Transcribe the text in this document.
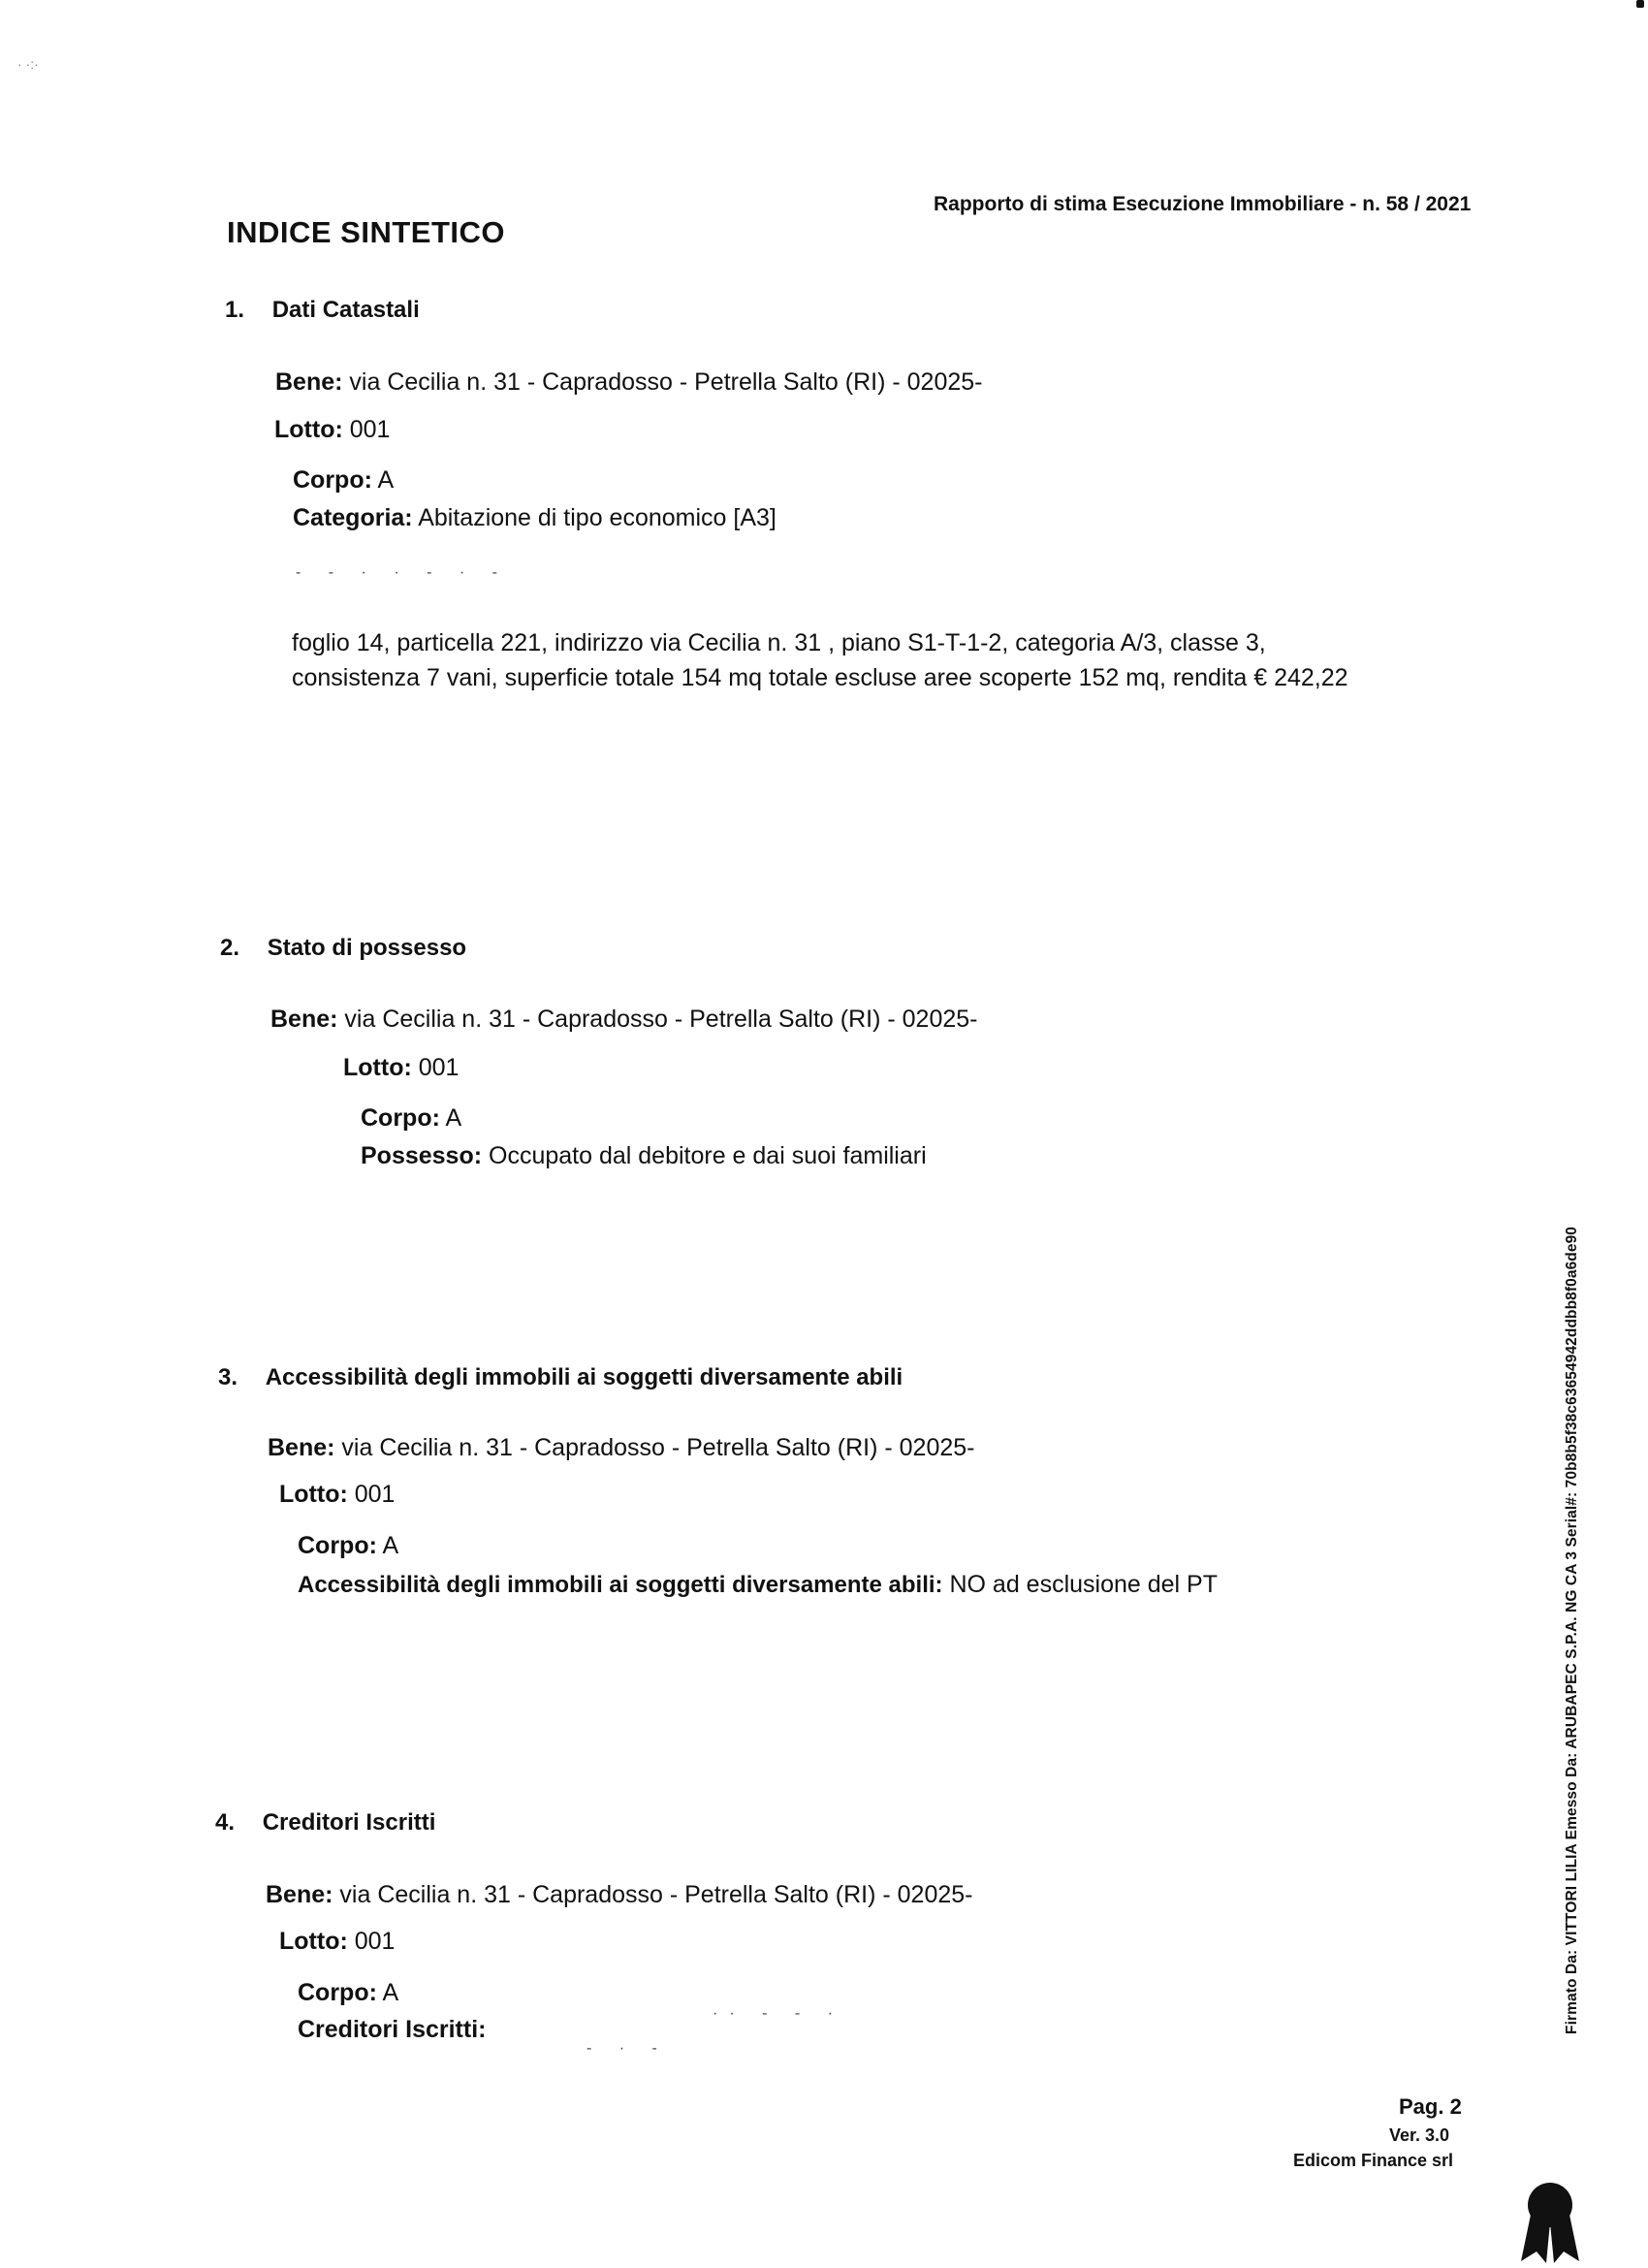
INDICE SINTETICO
Rapporto di stima Esecuzione Immobiliare - n. 58 / 2021
1. Dati Catastali
Bene: via Cecilia n. 31 - Capradosso - Petrella Salto (RI) - 02025-
Lotto: 001
Corpo: A
Categoria: Abitazione di tipo economico [A3]
- - · · - · -
foglio 14, particella 221, indirizzo via Cecilia n. 31 , piano S1-T-1-2, categoria A/3, classe 3, consistenza 7 vani, superficie totale 154 mq totale escluse aree scoperte 152 mq, rendita € 242,22
2. Stato di possesso
Bene: via Cecilia n. 31 - Capradosso - Petrella Salto (RI) - 02025-
Lotto: 001
Corpo: A
Possesso: Occupato dal debitore e dai suoi familiari
3. Accessibilità degli immobili ai soggetti diversamente abili
Bene: via Cecilia n. 31 - Capradosso - Petrella Salto (RI) - 02025-
Lotto: 001
Corpo: A
Accessibilità degli immobili ai soggetti diversamente abili: NO ad esclusione del PT
4. Creditori Iscritti
Bene: via Cecilia n. 31 - Capradosso - Petrella Salto (RI) - 02025-
Lotto: 001
Corpo: A
Creditori Iscritti:
·· - - ·
- · -
Pag. 2
Ver. 3.0
Edicom Finance srl
Firmato Da: VITTORI LILIA Emesso Da: ARUBAPEC S.P.A. NG CA 3 Serial#: 70b8b5f38c63654942ddbb8f0a6de90
· ·:·
